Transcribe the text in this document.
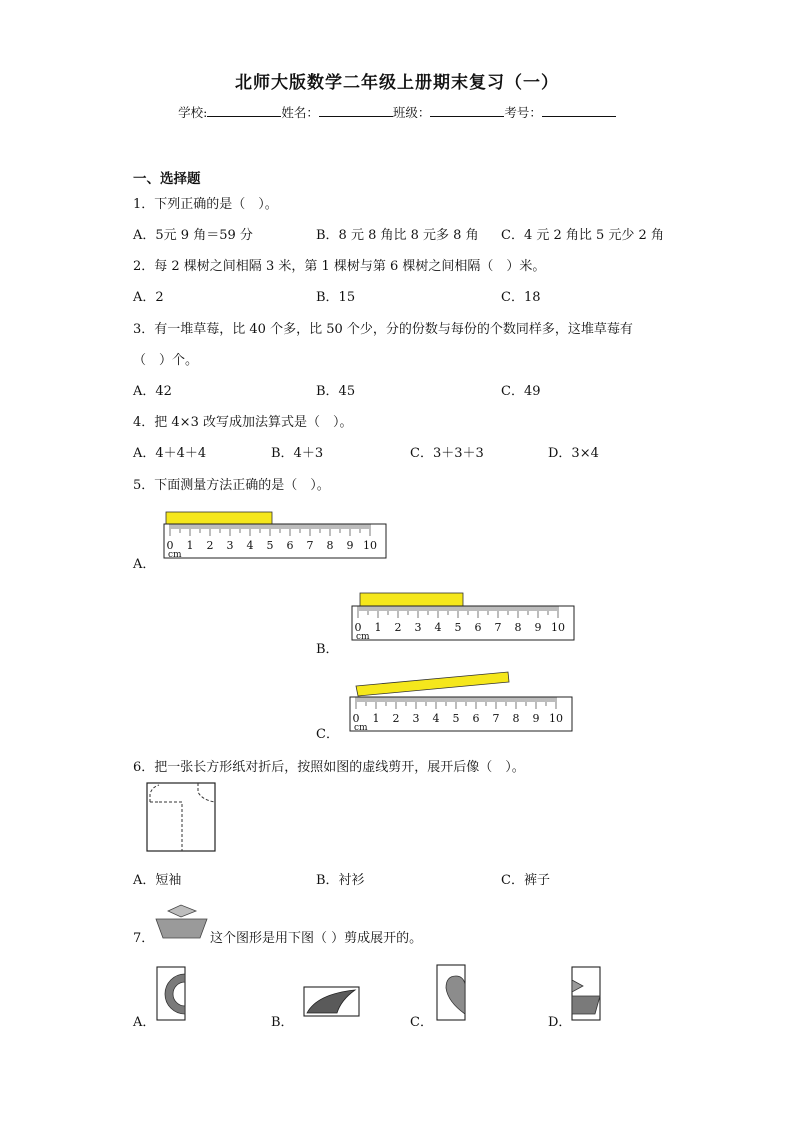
北师大版数学二年级上册期末复习（一）
学校:	姓名：	班级：	考号：
一、选择题
1．下列正确的是（　）。
A．5元 9 角＝59 分	B．8 元 8 角比 8 元多 8 角 C．4 元 2 角比 5 元少 2 角
2．每 2 棵树之间相隔 3 米，第 1 棵树与第 6 棵树之间相隔（　）米。
A．2	B．15	C．18
3．有一堆草莓，比 40 个多，比 50 个少，分的份数与每份的个数同样多，这堆草莓有
（　）个。
A．42	B．45	C．49
4．把 4×3 改写成加法算式是（　）。
A．4＋4＋4	B．4＋3	C．3＋3＋3	D．3×4
5．下面测量方法正确的是（　）。
A．
0 1 2 3 4 5 6 7 8 9 10
cm
B．
0 1 2 3 4 5 6 7 8 9 10
cm
C．
0 1 2 3 4 5 6 7 8 9 10
cm
6．把一张长方形纸对折后，按照如图的虚线剪开，展开后像（　）。
A．短袖	B．衬衫	C．裤子
7．	这个图形是用下图（ ）剪成展开的。
A．	B．	C．	D．
